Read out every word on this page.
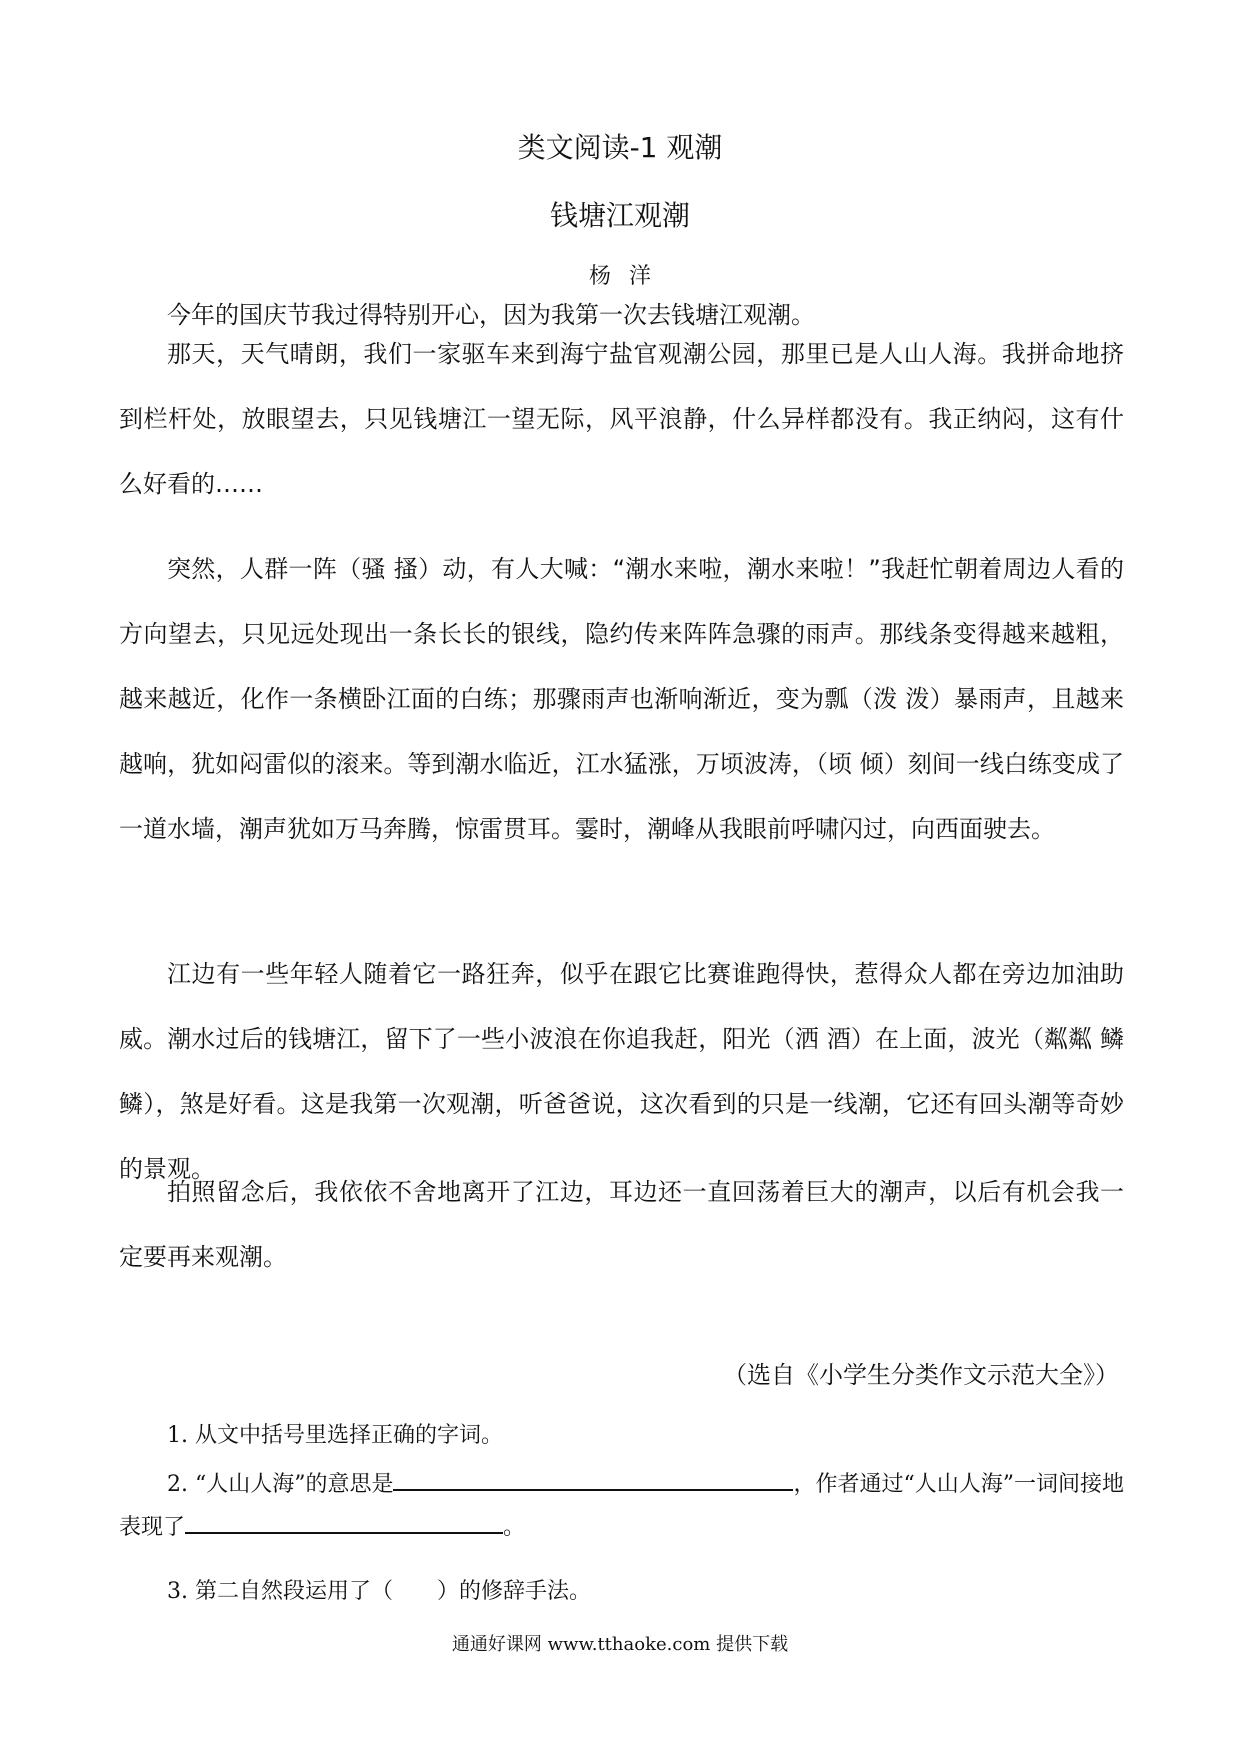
类文阅读-1 观潮
钱塘江观潮
杨洋

今年的国庆节我过得特别开心，因为我第一次去钱塘江观潮。

那天，天气晴朗，我们一家驱车来到海宁盐官观潮公园，那里已是人山人海。我拼命地挤到栏杆处，放眼望去，只见钱塘江一望无际，风平浪静，什么异样都没有。我正纳闷，这有什么好看的……

突然，人群一阵（骚 搔）动，有人大喊：“潮水来啦，潮水来啦！”我赶忙朝着周边人看的方向望去，只见远处现出一条长长的银线，隐约传来阵阵急骤的雨声。那线条变得越来越粗，越来越近，化作一条横卧江面的白练；那骤雨声也渐响渐近，变为瓢（泼 泼）暴雨声，且越来越响，犹如闷雷似的滚来。等到潮水临近，江水猛涨，万顷波涛，（顷 倾）刻间一线白练变成了一道水墙，潮声犹如万马奔腾，惊雷贯耳。霎时，潮峰从我眼前呼啸闪过，向西面驶去。

江边有一些年轻人随着它一路狂奔，似乎在跟它比赛谁跑得快，惹得众人都在旁边加油助威。潮水过后的钱塘江，留下了一些小波浪在你追我赶，阳光（洒 酒）在上面，波光（粼粼 鳞鳞），煞是好看。这是我第一次观潮，听爸爸说，这次看到的只是一线潮，它还有回头潮等奇妙的景观。

拍照留念后，我依依不舍地离开了江边，耳边还一直回荡着巨大的潮声，以后有机会我一定要再来观潮。

（选自《小学生分类作文示范大全》）

1. 从文中括号里选择正确的字词。

2. “人山人海”的意思是	，作者通过“人山人海”一词间接地表现了	。

3. 第二自然段运用了（ ）的修辞手法。

通通好课网 www.tthaoke.com 提供下载
